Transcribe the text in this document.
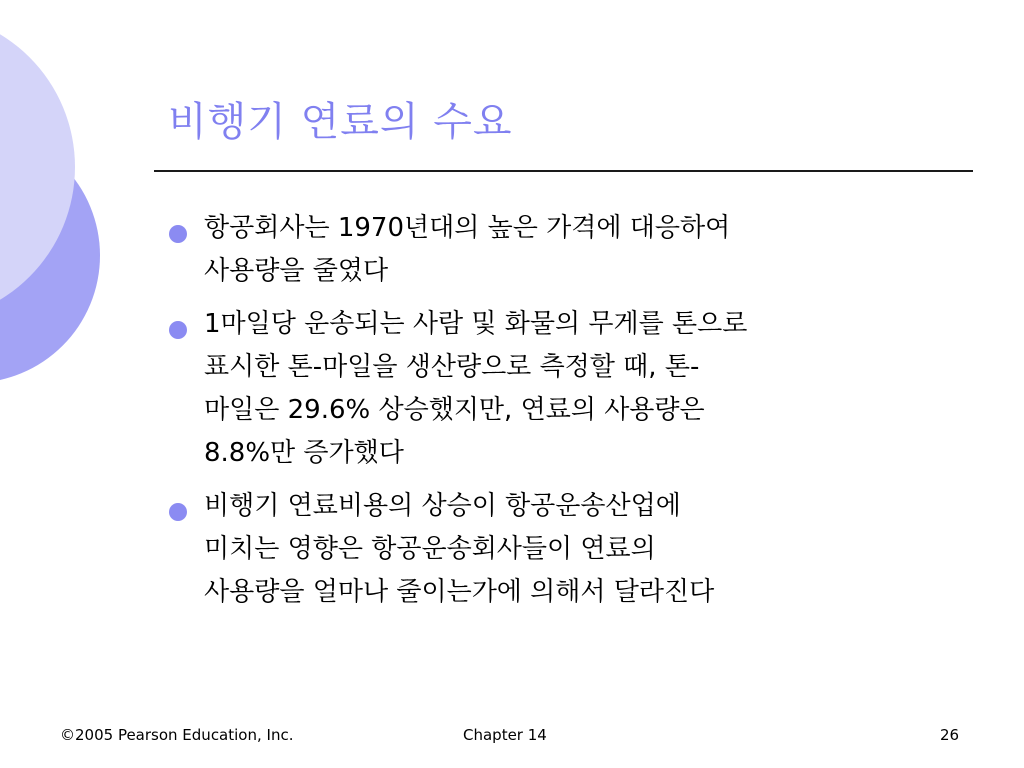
비행기 연료의 수요
항공회사는 1970년대의 높은 가격에 대응하여
사용량을 줄였다
1마일당 운송되는 사람 및 화물의 무게를 톤으로
표시한 톤-마일을 생산량으로 측정할 때, 톤-
마일은 29.6% 상승했지만, 연료의 사용량은
8.8%만 증가했다
비행기 연료비용의 상승이 항공운송산업에
미치는 영향은 항공운송회사들이 연료의
사용량을 얼마나 줄이는가에 의해서 달라진다
©2005 Pearson Education, Inc.	Chapter 14	26
